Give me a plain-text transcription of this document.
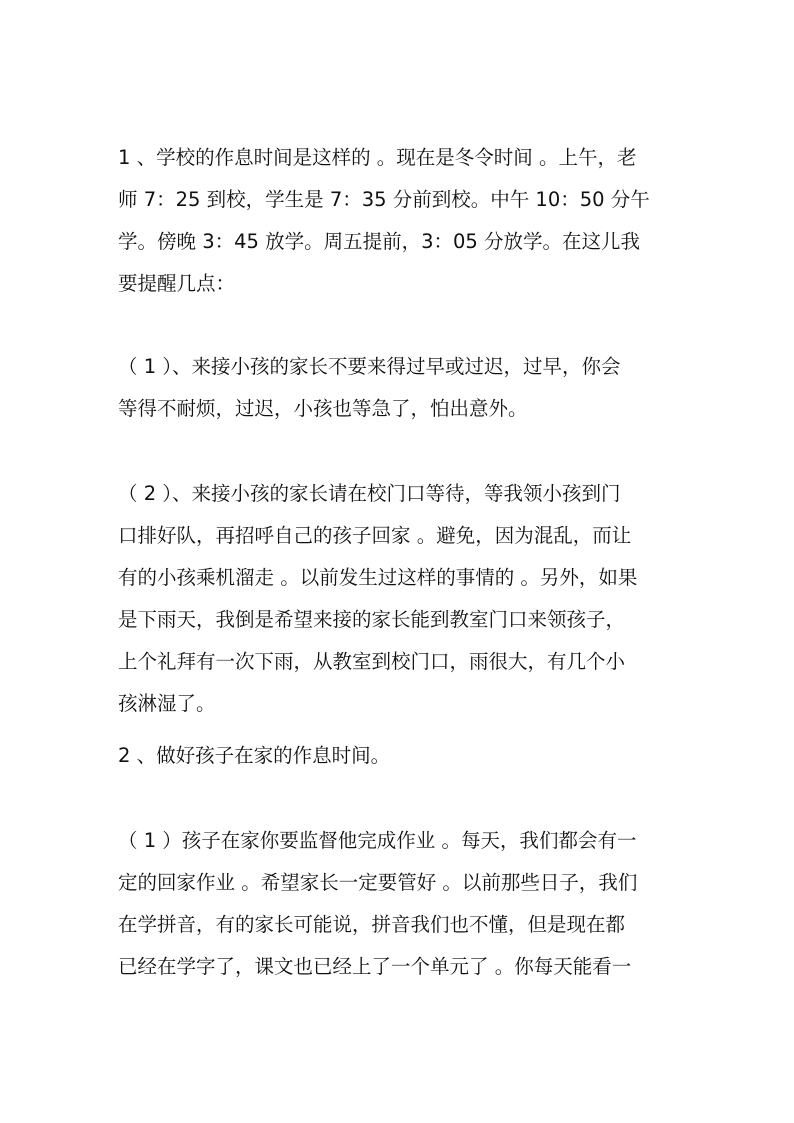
1 、学校的作息时间是这样的 。现在是冬令时间 。上午，老
师 7：25 到校，学生是 7：35 分前到校。中午 10：50 分午
学。傍晚 3：45 放学。周五提前，3：05 分放学。在这儿我
要提醒几点：
（ 1 ）、来接小孩的家长不要来得过早或过迟，过早，你会
等得不耐烦，过迟，小孩也等急了，怕出意外。
（ 2 ）、来接小孩的家长请在校门口等待，等我领小孩到门
口排好队，再招呼自己的孩子回家 。避免，因为混乱，而让
有的小孩乘机溜走 。以前发生过这样的事情的 。另外，如果
是下雨天，我倒是希望来接的家长能到教室门口来领孩子，
上个礼拜有一次下雨，从教室到校门口，雨很大，有几个小
孩淋湿了。
2 、做好孩子在家的作息时间。
（ 1 ）孩子在家你要监督他完成作业 。每天，我们都会有一
定的回家作业 。希望家长一定要管好 。以前那些日子，我们
在学拼音，有的家长可能说，拼音我们也不懂，但是现在都
已经在学字了，课文也已经上了一个单元了 。你每天能看一
